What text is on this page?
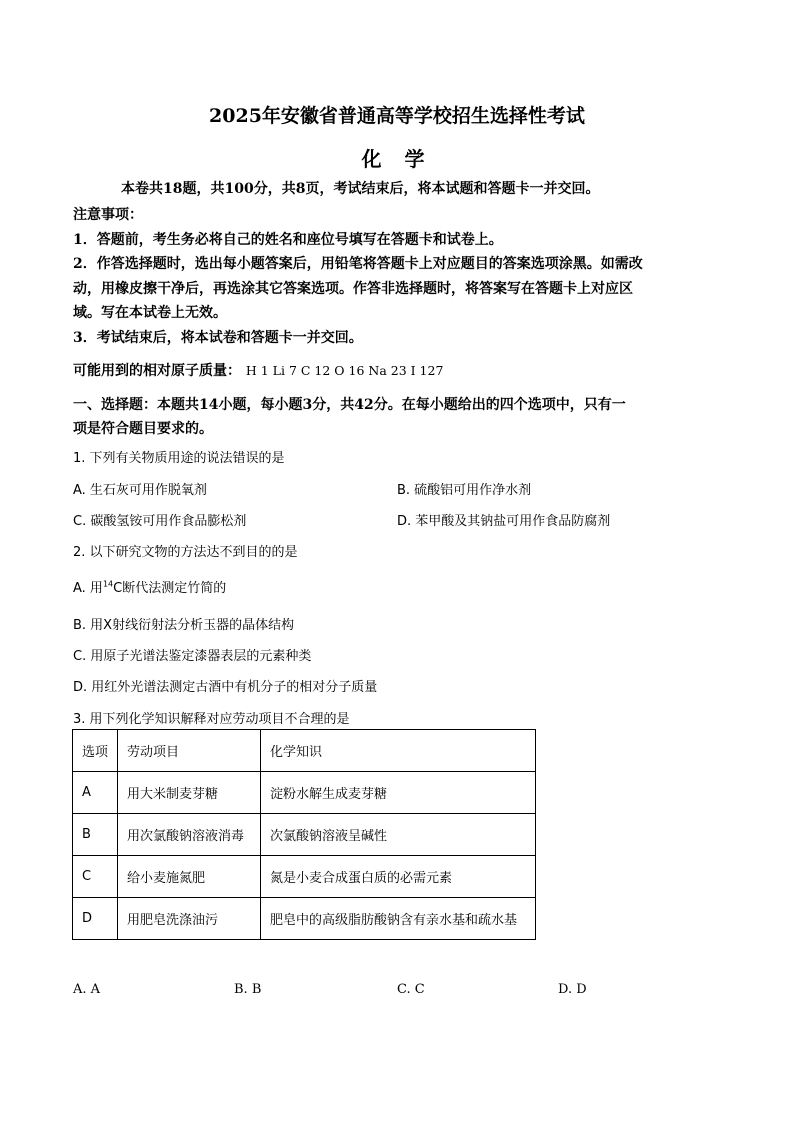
2025年安徽省普通高等学校招生选择性考试
化 学
本卷共18题，共100分，共8页，考试结束后，将本试题和答题卡一并交回。
注意事项：
1．答题前，考生务必将自己的姓名和座位号填写在答题卡和试卷上。
2．作答选择题时，选出每小题答案后，用铅笔将答题卡上对应题目的答案选项涂黑。如需改
动，用橡皮擦干净后，再选涂其它答案选项。作答非选择题时，将答案写在答题卡上对应区
域。写在本试卷上无效。
3．考试结束后，将本试卷和答题卡一并交回。
可能用到的相对原子质量： H 1 Li 7 C 12 O 16 Na 23 I 127
一、选择题：本题共14小题，每小题3分，共42分。在每小题给出的四个选项中，只有一
项是符合题目要求的。
1. 下列有关物质用途的说法错误的是
A. 生石灰可用作脱氧剂	B. 硫酸铝可用作净水剂
C. 碳酸氢铵可用作食品膨松剂	D. 苯甲酸及其钠盐可用作食品防腐剂
2. 以下研究文物的方法达不到目的的是
A. 用$^{14}$C断代法测定竹简的
B. 用X射线衍射法分析玉器的晶体结构
C. 用原子光谱法鉴定漆器表层的元素种类
D. 用红外光谱法测定古酒中有机分子的相对分子质量
3. 用下列化学知识解释对应劳动项目不合理的是
选项	劳动项目	化学知识
A	用大米制麦芽糖	淀粉水解生成麦芽糖
B	用次氯酸钠溶液消毒	次氯酸钠溶液呈碱性
C	给小麦施氮肥	氮是小麦合成蛋白质的必需元素
D	用肥皂洗涤油污	肥皂中的高级脂肪酸钠含有亲水基和疏水基
A. A	B. B	C. C	D. D
